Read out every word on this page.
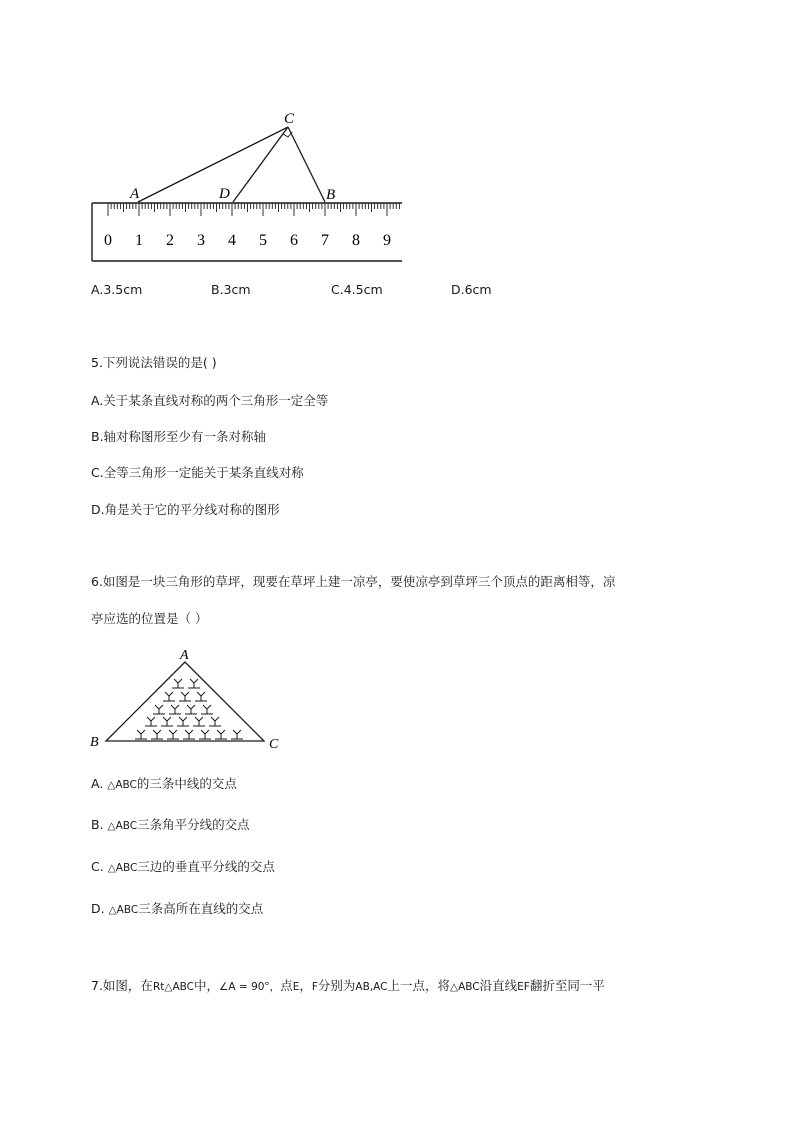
0 1 2 3 4 5 6 7 8 9
A	D	B
C
A.3.5cm	B.3cm	C.4.5cm	D.6cm
5.下列说法错误的是( )
A.关于某条直线对称的两个三角形一定全等
B.轴对称图形至少有一条对称轴
C.全等三角形一定能关于某条直线对称
D.角是关于它的平分线对称的图形
6.如图是一块三角形的草坪，现要在草坪上建一凉亭，要使凉亭到草坪三个顶点的距离相等，凉
亭应选的位置是（ ）
A
B	C
A. △ABC的三条中线的交点
B. △ABC三条角平分线的交点
C. △ABC三边的垂直平分线的交点
D. △ABC三条高所在直线的交点
7.如图，在Rt△ABC中，∠A = 90°，点E，F分别为AB,AC上一点，将△ABC沿直线EF翻折至同一平
